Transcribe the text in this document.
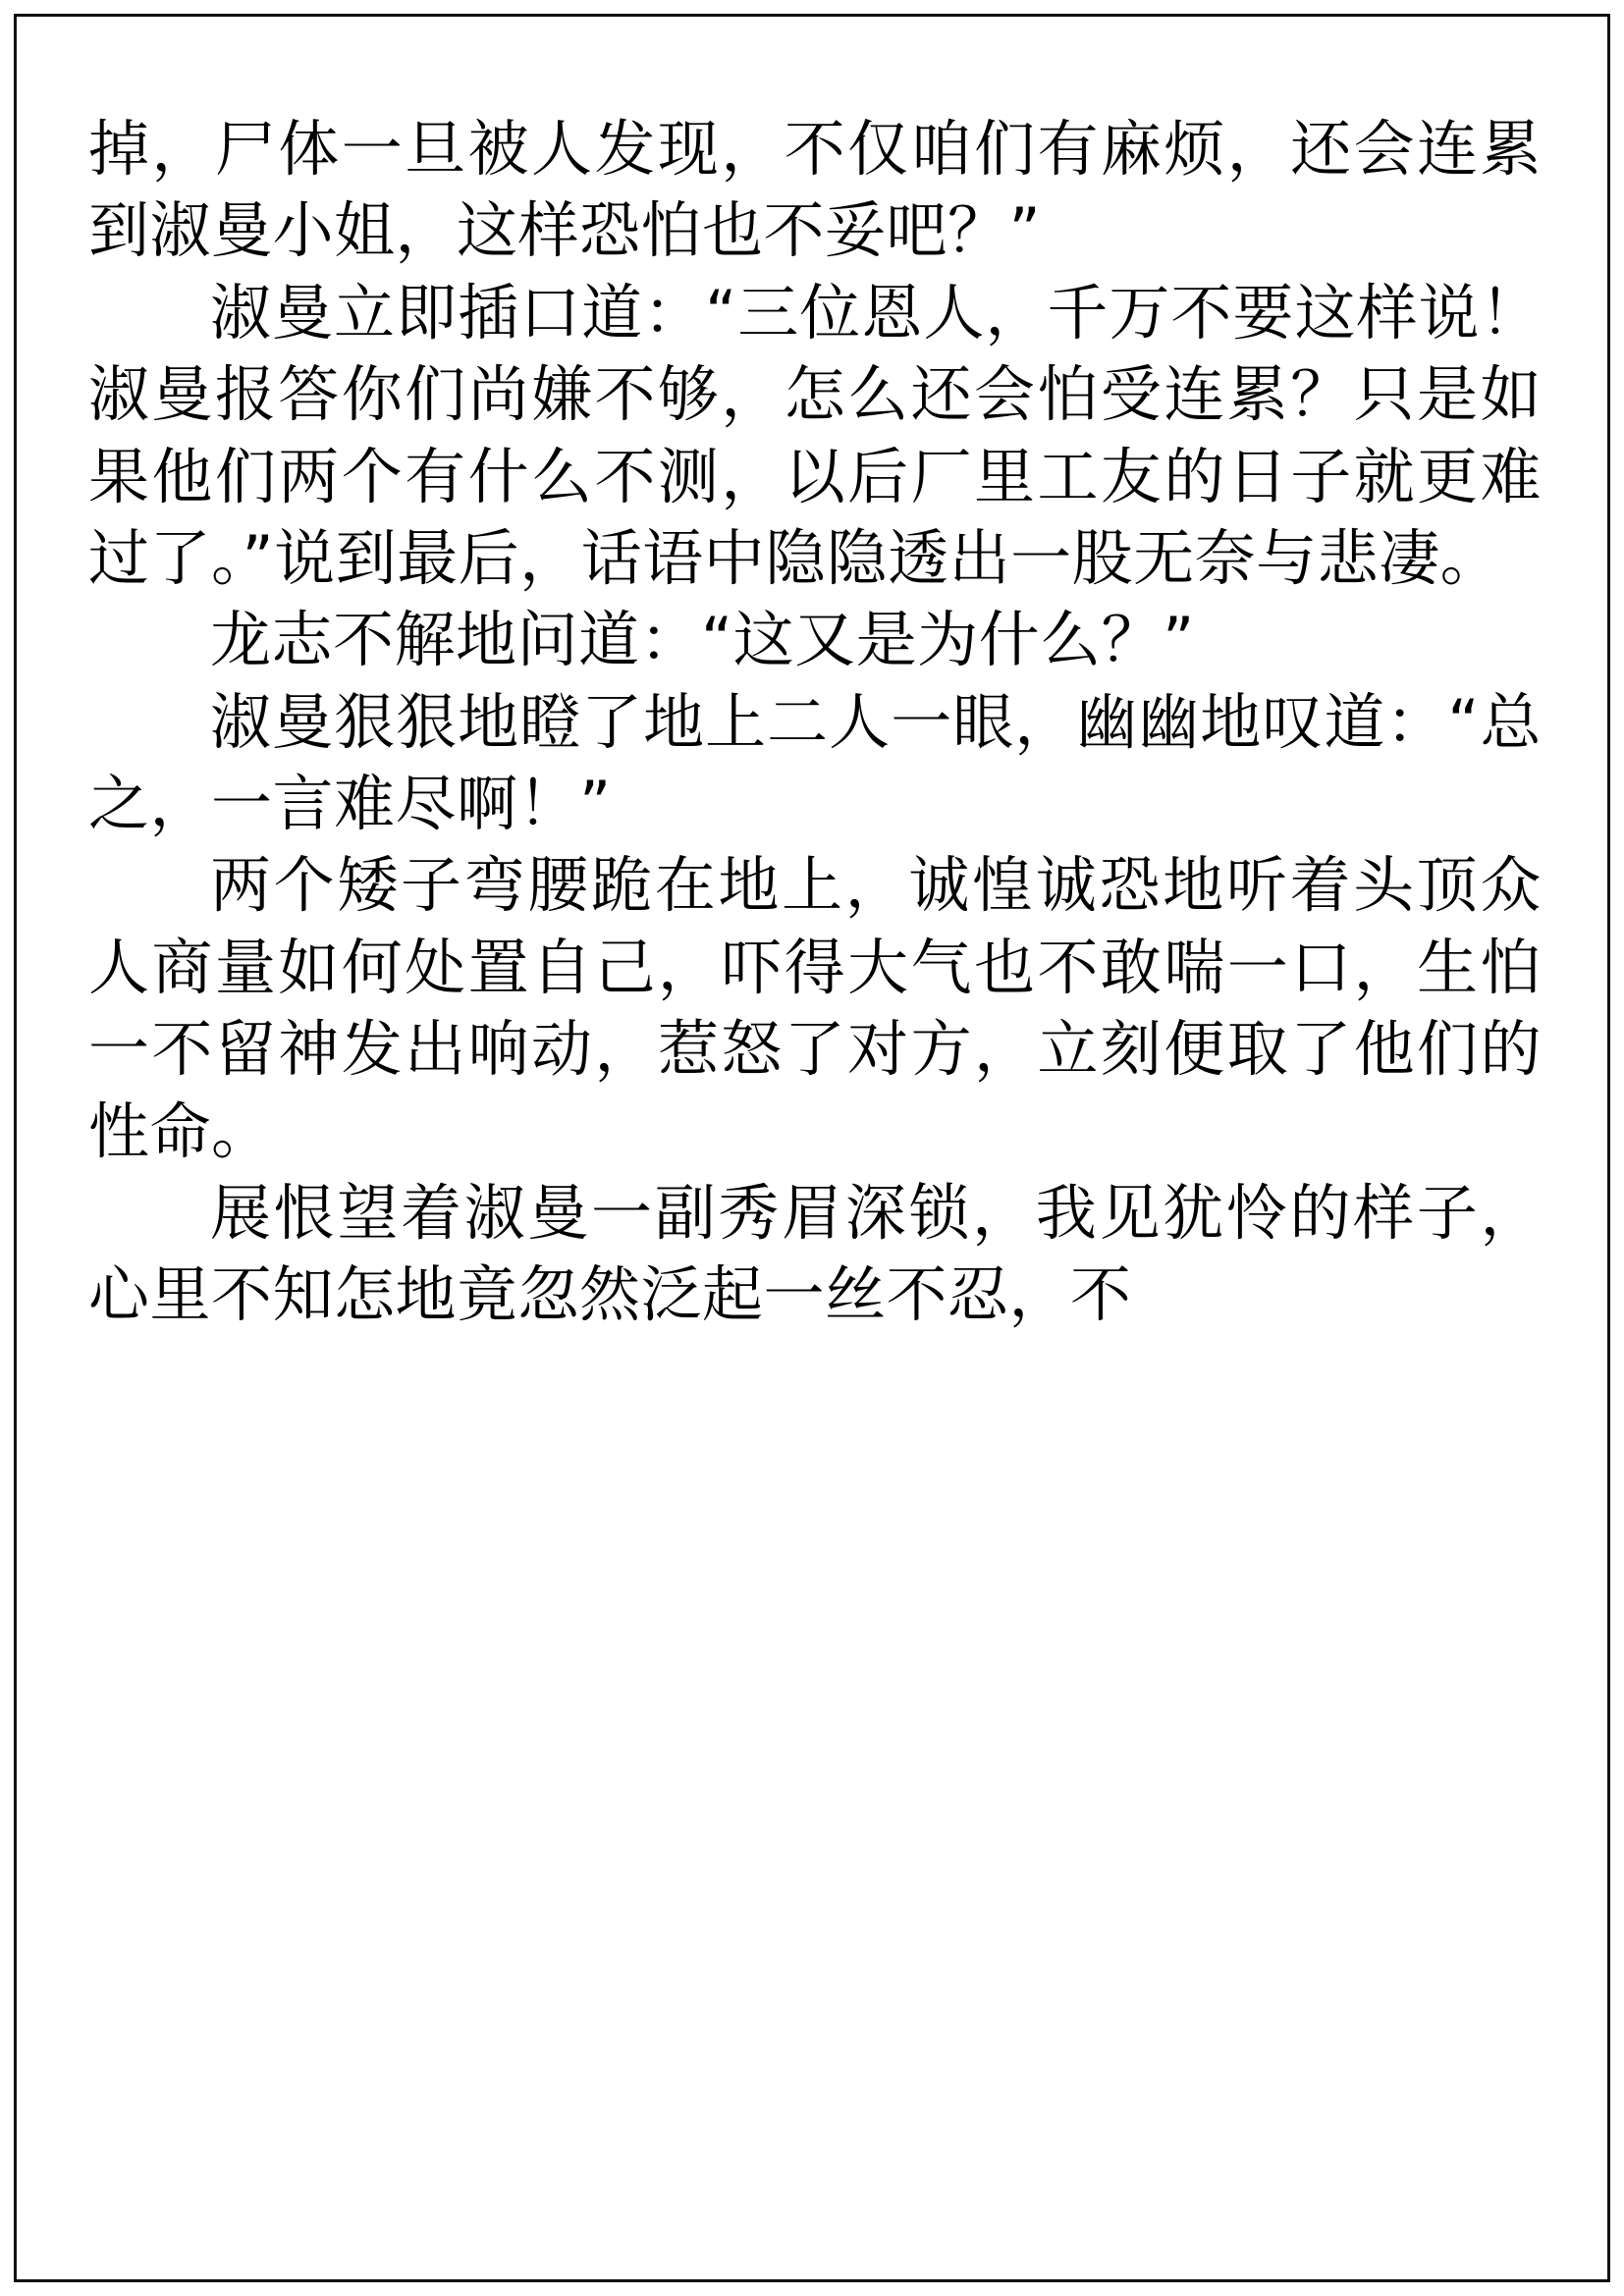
掉，尸体一旦被人发现，不仅咱们有麻烦，还会连累到淑曼小姐，这样恐怕也不妥吧？”

淑曼立即插口道：“三位恩人，千万不要这样说！淑曼报答你们尚嫌不够，怎么还会怕受连累？只是如果他们两个有什么不测，以后厂里工友的日子就更难过了。”说到最后，话语中隐隐透出一股无奈与悲凄。

龙志不解地问道：“这又是为什么？”

淑曼狠狠地瞪了地上二人一眼，幽幽地叹道：“总之，一言难尽啊！”

两个矮子弯腰跪在地上，诚惶诚恐地听着头顶众人商量如何处置自己，吓得大气也不敢喘一口，生怕一不留神发出响动，惹怒了对方，立刻便取了他们的性命。

展恨望着淑曼一副秀眉深锁，我见犹怜的样子，心里不知怎地竟忽然泛起一丝不忍，不
